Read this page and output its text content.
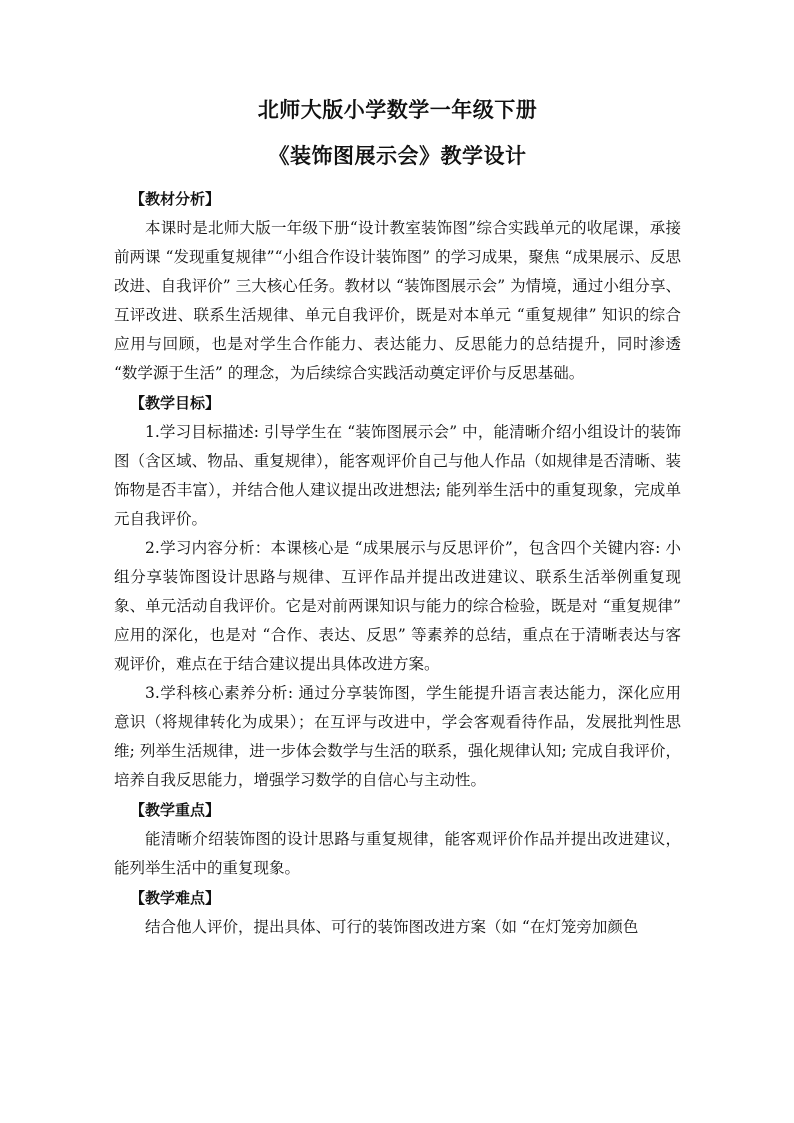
北师大版小学数学一年级下册
《装饰图展示会》教学设计

【教材分析】

本课时是北师大版一年级下册“设计教室装饰图”综合实践单元的收尾课，承接前两课 “发现重复规律”“小组合作设计装饰图” 的学习成果，聚焦 “成果展示、反思改进、自我评价” 三大核心任务。教材以 “装饰图展示会” 为情境，通过小组分享、互评改进、联系生活规律、单元自我评价，既是对本单元 “重复规律” 知识的综合应用与回顾，也是对学生合作能力、表达能力、反思能力的总结提升，同时渗透 “数学源于生活” 的理念，为后续综合实践活动奠定评价与反思基础。

【教学目标】

1.学习目标描述: 引导学生在 “装饰图展示会” 中，能清晰介绍小组设计的装饰图（含区域、物品、重复规律），能客观评价自己与他人作品（如规律是否清晰、装饰物是否丰富），并结合他人建议提出改进想法; 能列举生活中的重复现象，完成单元自我评价。

2.学习内容分析：本课核心是 “成果展示与反思评价”，包含四个关键内容: 小组分享装饰图设计思路与规律、互评作品并提出改进建议、联系生活举例重复现象、单元活动自我评价。它是对前两课知识与能力的综合检验，既是对 “重复规律” 应用的深化，也是对 “合作、表达、反思” 等素养的总结，重点在于清晰表达与客观评价，难点在于结合建议提出具体改进方案。

3.学科核心素养分析: 通过分享装饰图，学生能提升语言表达能力，深化应用意识（将规律转化为成果）；在互评与改进中，学会客观看待作品，发展批判性思维; 列举生活规律，进一步体会数学与生活的联系，强化规律认知; 完成自我评价，培养自我反思能力，增强学习数学的自信心与主动性。

【教学重点】

能清晰介绍装饰图的设计思路与重复规律，能客观评价作品并提出改进建议，能列举生活中的重复现象。

【教学难点】

结合他人评价，提出具体、可行的装饰图改进方案（如 “在灯笼旁加颜色
